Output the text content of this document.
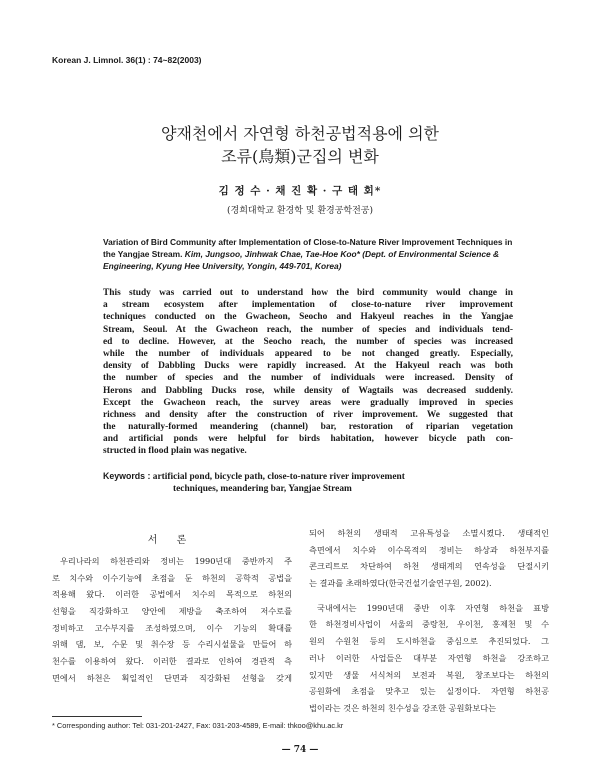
Korean J. Limnol. 36(1) : 74~82(2003)
양재천에서 자연형 하천공법적용에 의한
조류(鳥類)군집의 변화
김 정 수 · 채 진 확 · 구 태 회*
(경희대학교 환경학 및 환경공학전공)
Variation of Bird Community after Implementation of Close-to-Nature River Improvement Techniques in the Yangjae Stream. Kim, Jungsoo, Jinhwak Chae, Tae-Hoe Koo* (Dept. of Environmental Science & Engineering, Kyung Hee University, Yongin, 449-701, Korea)
This study was carried out to understand how the bird community would change in
a stream ecosystem after implementation of close-to-nature river improvement
techniques conducted on the Gwacheon, Seocho and Hakyeul reaches in the Yangjae
Stream, Seoul. At the Gwacheon reach, the number of species and individuals tend-
ed to decline. However, at the Seocho reach, the number of species was increased
while the number of individuals appeared to be not changed greatly. Especially,
density of Dabbling Ducks were rapidly increased. At the Hakyeul reach was both
the number of species and the number of individuals were increased. Density of
Herons and Dabbling Ducks rose, while density of Wagtails was decreased suddenly.
Except the Gwacheon reach, the survey areas were gradually improved in species
richness and density after the construction of river improvement. We suggested that
the naturally-formed meandering (channel) bar, restoration of riparian vegetation
and artificial ponds were helpful for birds habitation, however bicycle path con-
structed in flood plain was negative.
Keywords : artificial pond, bicycle path, close-to-nature river improvement
techniques, meandering bar, Yangjae Stream
서 론
우리나라의 하천관리와 정비는 1990년대 중반까지 주
로 치수와 이수기능에 초점을 둔 하천의 공학적 공법을
적용해 왔다. 이러한 공법에서 치수의 목적으로 하천의
선형을 직강화하고 양안에 제방을 축조하여 저수로를
정비하고 고수부지를 조성하였으며, 이수 기능의 확대를
위해 댐, 보, 수문 및 취수장 등 수리시설물을 만들어 하
천수를 이용하여 왔다. 이러한 결과로 인하여 경관적 측
면에서 하천은 획일적인 단면과 직강화된 선형을 갖게
되어 하천의 생태적 고유특성을 소멸시켰다. 생태적인
측면에서 치수와 이수목적의 정비는 하상과 하천부지를
콘크리트로 차단하여 하천 생태계의 연속성을 단절시키
는 결과를 초래하였다(한국건설기술연구원, 2002).
국내에서는 1990년대 중반 이후 자연형 하천을 표방
한 하천정비사업이 서울의 중랑천, 우이천, 홍제천 및 수
원의 수원천 등의 도시하천을 중심으로 추진되었다. 그
러나 이러한 사업들은 대부분 자연형 하천을 강조하고
있지만 생물 서식처의 보전과 복원, 창조보다는 하천의
공원화에 초점을 맞추고 있는 실정이다. 자연형 하천공
법이라는 것은 하천의 친수성을 강조한 공원화보다는
* Corresponding author: Tel: 031-201-2427, Fax: 031-203-4589, E-mail: thkoo@khu.ac.kr
— 74 —
